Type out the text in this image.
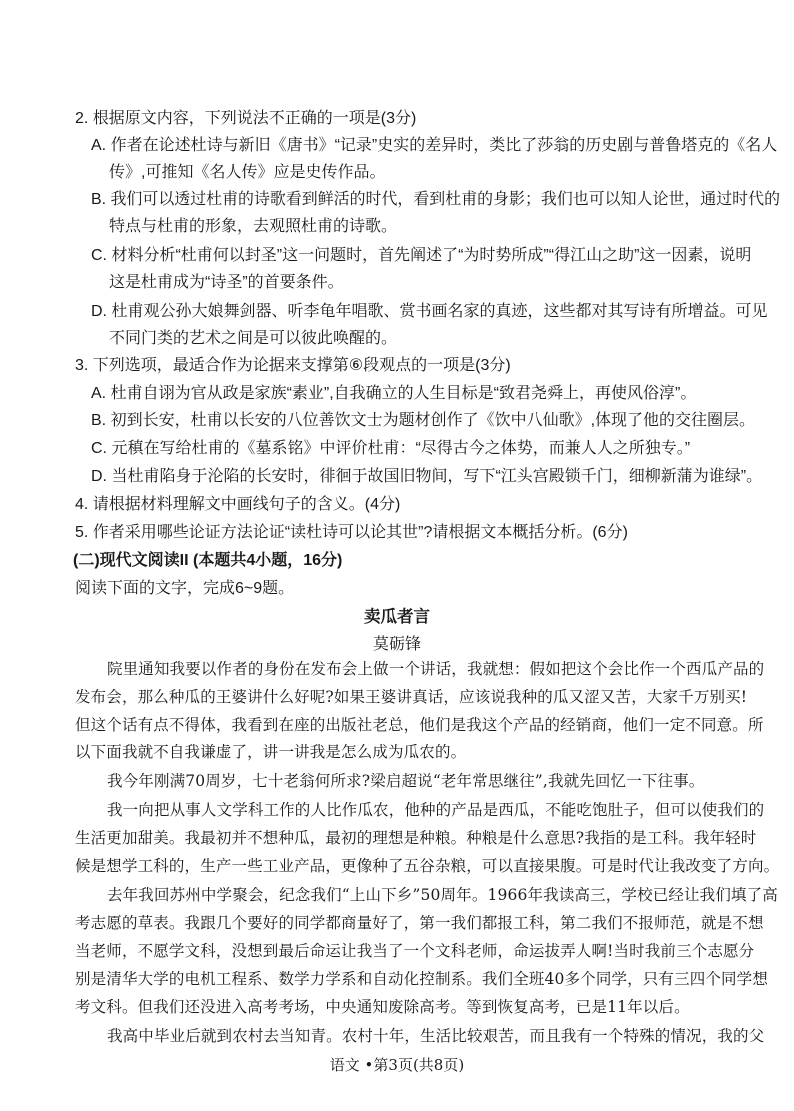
2. 根据原文内容，下列说法不正确的一项是(3分)
A. 作者在论述杜诗与新旧《唐书》“记录”史实的差异时，类比了莎翁的历史剧与普鲁塔克的《名人
传》,可推知《名人传》应是史传作品。
B. 我们可以透过杜甫的诗歌看到鲜活的时代，看到杜甫的身影；我们也可以知人论世，通过时代的
特点与杜甫的形象，去观照杜甫的诗歌。
C. 材料分析“杜甫何以封圣”这一问题时，首先阐述了“为时势所成”“得江山之助”这一因素，说明
这是杜甫成为“诗圣”的首要条件。
D. 杜甫观公孙大娘舞剑器、听李龟年唱歌、赏书画名家的真迹，这些都对其写诗有所增益。可见
不同门类的艺术之间是可以彼此唤醒的。
3. 下列选项，最适合作为论据来支撑第⑥段观点的一项是(3分)
A. 杜甫自诩为官从政是家族“素业”,自我确立的人生目标是“致君尧舜上，再使风俗淳”。
B. 初到长安，杜甫以长安的八位善饮文士为题材创作了《饮中八仙歌》,体现了他的交往圈层。
C. 元稹在写给杜甫的《墓系铭》中评价杜甫：“尽得古今之体势，而兼人人之所独专。”
D. 当杜甫陷身于沦陷的长安时，徘徊于故国旧物间，写下“江头宫殿锁千门，细柳新蒲为谁绿”。
4. 请根据材料理解文中画线句子的含义。(4分)
5. 作者采用哪些论证方法论证“读杜诗可以论其世”?请根据文本概括分析。(6分)
(二)现代文阅读II (本题共4小题，16分)
阅读下面的文字，完成6~9题。
卖瓜者言
莫砺锋
院里通知我要以作者的身份在发布会上做一个讲话，我就想：假如把这个会比作一个西瓜产品的
发布会，那么种瓜的王婆讲什么好呢?如果王婆讲真话，应该说我种的瓜又涩又苦，大家千万别买!
但这个话有点不得体，我看到在座的出版社老总，他们是我这个产品的经销商，他们一定不同意。所
以下面我就不自我谦虚了，讲一讲我是怎么成为瓜农的。
我今年刚满70周岁，七十老翁何所求?梁启超说“老年常思继往”,我就先回忆一下往事。
我一向把从事人文学科工作的人比作瓜农，他种的产品是西瓜，不能吃饱肚子，但可以使我们的
生活更加甜美。我最初并不想种瓜，最初的理想是种粮。种粮是什么意思?我指的是工科。我年轻时
候是想学工科的，生产一些工业产品，更像种了五谷杂粮，可以直接果腹。可是时代让我改变了方向。
去年我回苏州中学聚会，纪念我们“上山下乡”50周年。1966年我读高三，学校已经让我们填了高
考志愿的草表。我跟几个要好的同学都商量好了，第一我们都报工科，第二我们不报师范，就是不想
当老师，不愿学文科，没想到最后命运让我当了一个文科老师，命运拔弄人啊!当时我前三个志愿分
别是清华大学的电机工程系、数学力学系和自动化控制系。我们全班40多个同学，只有三四个同学想
考文科。但我们还没进入高考考场，中央通知废除高考。等到恢复高考，已是11年以后。
我高中毕业后就到农村去当知青。农村十年，生活比较艰苦，而且我有一个特殊的情况，我的父
语文 •第3页(共8页)
